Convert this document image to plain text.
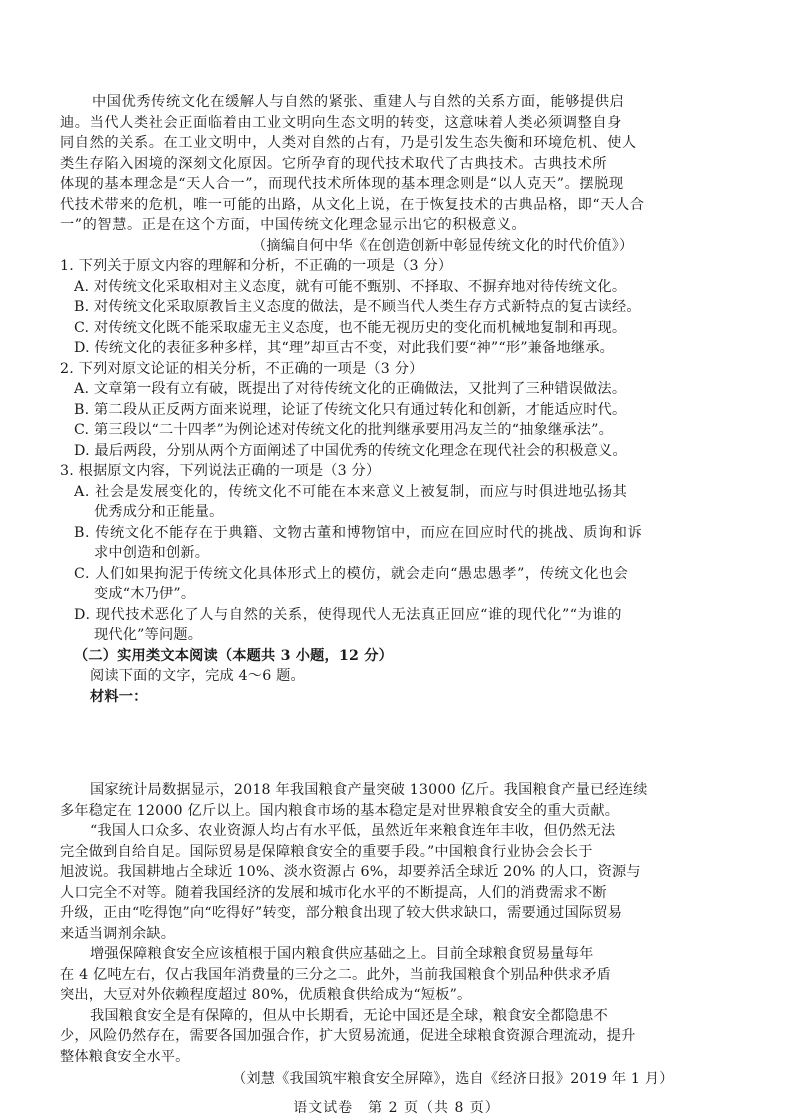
中国优秀传统文化在缓解人与自然的紧张、重建人与自然的关系方面，能够提供启

迪。当代人类社会正面临着由工业文明向生态文明的转变，这意味着人类必须调整自身

同自然的关系。在工业文明中，人类对自然的占有，乃是引发生态失衡和环境危机、使人

类生存陷入困境的深刻文化原因。它所孕育的现代技术取代了古典技术。古典技术所

体现的基本理念是“天人合一”，而现代技术所体现的基本理念则是“以人克天”。摆脱现

代技术带来的危机，唯一可能的出路，从文化上说，在于恢复技术的古典品格，即“天人合

一”的智慧。正是在这个方面，中国传统文化理念显示出它的积极意义。

（摘编自何中华《在创造创新中彰显传统文化的时代价值》）

1. 下列关于原文内容的理解和分析，不正确的一项是（3 分）

A. 对传统文化采取相对主义态度，就有可能不甄别、不择取、不摒弃地对待传统文化。

B. 对传统文化采取原教旨主义态度的做法，是不顾当代人类生存方式新特点的复古读经。

C. 对传统文化既不能采取虚无主义态度，也不能无视历史的变化而机械地复制和再现。

D. 传统文化的表征多种多样，其“理”却亘古不变，对此我们要“神”“形”兼备地继承。

2. 下列对原文论证的相关分析，不正确的一项是（3 分）

A. 文章第一段有立有破，既提出了对待传统文化的正确做法，又批判了三种错误做法。

B. 第二段从正反两方面来说理，论证了传统文化只有通过转化和创新，才能适应时代。

C. 第三段以“二十四孝”为例论述对传统文化的批判继承要用冯友兰的“抽象继承法”。

D. 最后两段，分别从两个方面阐述了中国优秀的传统文化理念在现代社会的积极意义。

3. 根据原文内容，下列说法正确的一项是（3 分）

A. 社会是发展变化的，传统文化不可能在本来意义上被复制，而应与时俱进地弘扬其

优秀成分和正能量。

B. 传统文化不能存在于典籍、文物古董和博物馆中，而应在回应时代的挑战、质询和诉

求中创造和创新。

C. 人们如果拘泥于传统文化具体形式上的模仿，就会走向“愚忠愚孝”，传统文化也会

变成“木乃伊”。

D. 现代技术恶化了人与自然的关系，使得现代人无法真正回应“谁的现代化”“为谁的

现代化”等问题。

（二）实用类文本阅读（本题共 3 小题，12 分）

阅读下面的文字，完成 4～6 题。

材料一：

国家统计局数据显示，2018 年我国粮食产量突破 13000 亿斤。我国粮食产量已经连续

多年稳定在 12000 亿斤以上。国内粮食市场的基本稳定是对世界粮食安全的重大贡献。

“我国人口众多、农业资源人均占有水平低，虽然近年来粮食连年丰收，但仍然无法

完全做到自给自足。国际贸易是保障粮食安全的重要手段。”中国粮食行业协会会长于

旭波说。我国耕地占全球近 10%、淡水资源占 6%，却要养活全球近 20% 的人口，资源与

人口完全不对等。随着我国经济的发展和城市化水平的不断提高，人们的消费需求不断

升级，正由“吃得饱”向“吃得好”转变，部分粮食出现了较大供求缺口，需要通过国际贸易

来适当调剂余缺。

增强保障粮食安全应该植根于国内粮食供应基础之上。目前全球粮食贸易量每年

在 4 亿吨左右，仅占我国年消费量的三分之二。此外，当前我国粮食个别品种供求矛盾

突出，大豆对外依赖程度超过 80%，优质粮食供给成为“短板”。

语文试卷　第 2 页（共 8 页）

我国粮食安全是有保障的，但从中长期看，无论中国还是全球，粮食安全都隐患不

少，风险仍然存在，需要各国加强合作，扩大贸易流通，促进全球粮食资源合理流动，提升

整体粮食安全水平。

（刘慧《我国筑牢粮食安全屏障》，选自《经济日报》2019 年 1 月）
